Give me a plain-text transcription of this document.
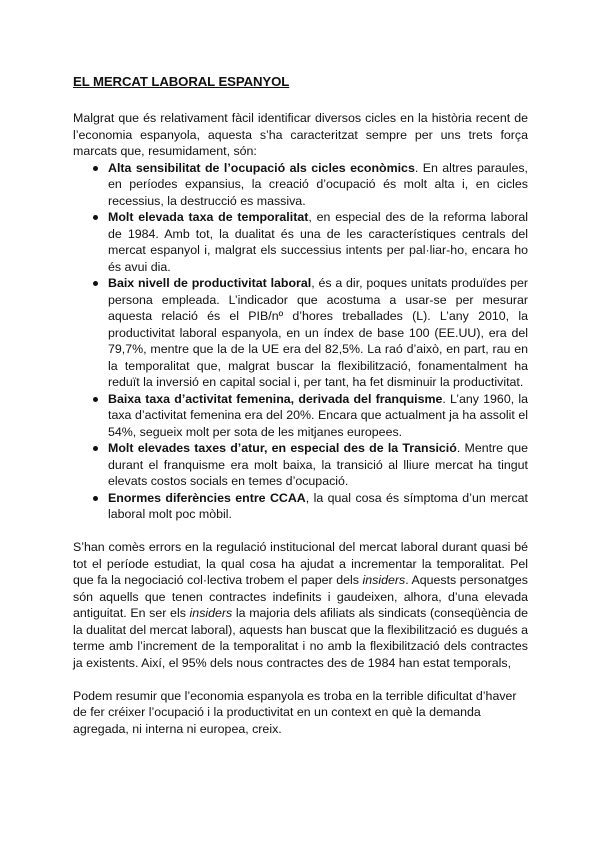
EL MERCAT LABORAL ESPANYOL

Malgrat que és relativament fàcil identificar diversos cicles en la història recent de l’economia espanyola, aquesta s’ha caracteritzat sempre per uns trets força marcats que, resumidament, són:

Alta sensibilitat de l’ocupació als cicles econòmics. En altres paraules, en períodes expansius, la creació d’ocupació és molt alta i, en cicles recessius, la destrucció es massiva.
Molt elevada taxa de temporalitat, en especial des de la reforma laboral de 1984. Amb tot, la dualitat és una de les característiques centrals del mercat espanyol i, malgrat els successius intents per pal·liar-ho, encara ho és avui dia.
Baix nivell de productivitat laboral, és a dir, poques unitats produïdes per persona empleada. L’indicador que acostuma a usar-se per mesurar aquesta relació és el PIB/nº d’hores treballades (L). L’any 2010, la productivitat laboral espanyola, en un índex de base 100 (EE.UU), era del 79,7%, mentre que la de la UE era del 82,5%. La raó d’això, en part, rau en la temporalitat que, malgrat buscar la flexibilització, fonamentalment ha reduït la inversió en capital social i, per tant, ha fet disminuir la productivitat.
Baixa taxa d’activitat femenina, derivada del franquisme. L’any 1960, la taxa d’activitat femenina era del 20%. Encara que actualment ja ha assolit el 54%, segueix molt per sota de les mitjanes europees.
Molt elevades taxes d’atur, en especial des de la Transició. Mentre que durant el franquisme era molt baixa, la transició al lliure mercat ha tingut elevats costos socials en temes d’ocupació.
Enormes diferències entre CCAA, la qual cosa és símptoma d’un mercat laboral molt poc mòbil.

S’han comès errors en la regulació institucional del mercat laboral durant quasi bé tot el període estudiat, la qual cosa ha ajudat a incrementar la temporalitat. Pel que fa la negociació col·lectiva trobem el paper dels insiders. Aquests personatges són aquells que tenen contractes indefinits i gaudeixen, alhora, d’una elevada antiguitat. En ser els insiders la majoria dels afiliats als sindicats (conseqüència de la dualitat del mercat laboral), aquests han buscat que la flexibilització es dugués a terme amb l’increment de la temporalitat i no amb la flexibilització dels contractes ja existents. Així, el 95% dels nous contractes des de 1984 han estat temporals,

Podem resumir que l’economia espanyola es troba en la terrible dificultat d’haver de fer créixer l’ocupació i la productivitat en un context en què la demanda agregada, ni interna ni europea, creix.
